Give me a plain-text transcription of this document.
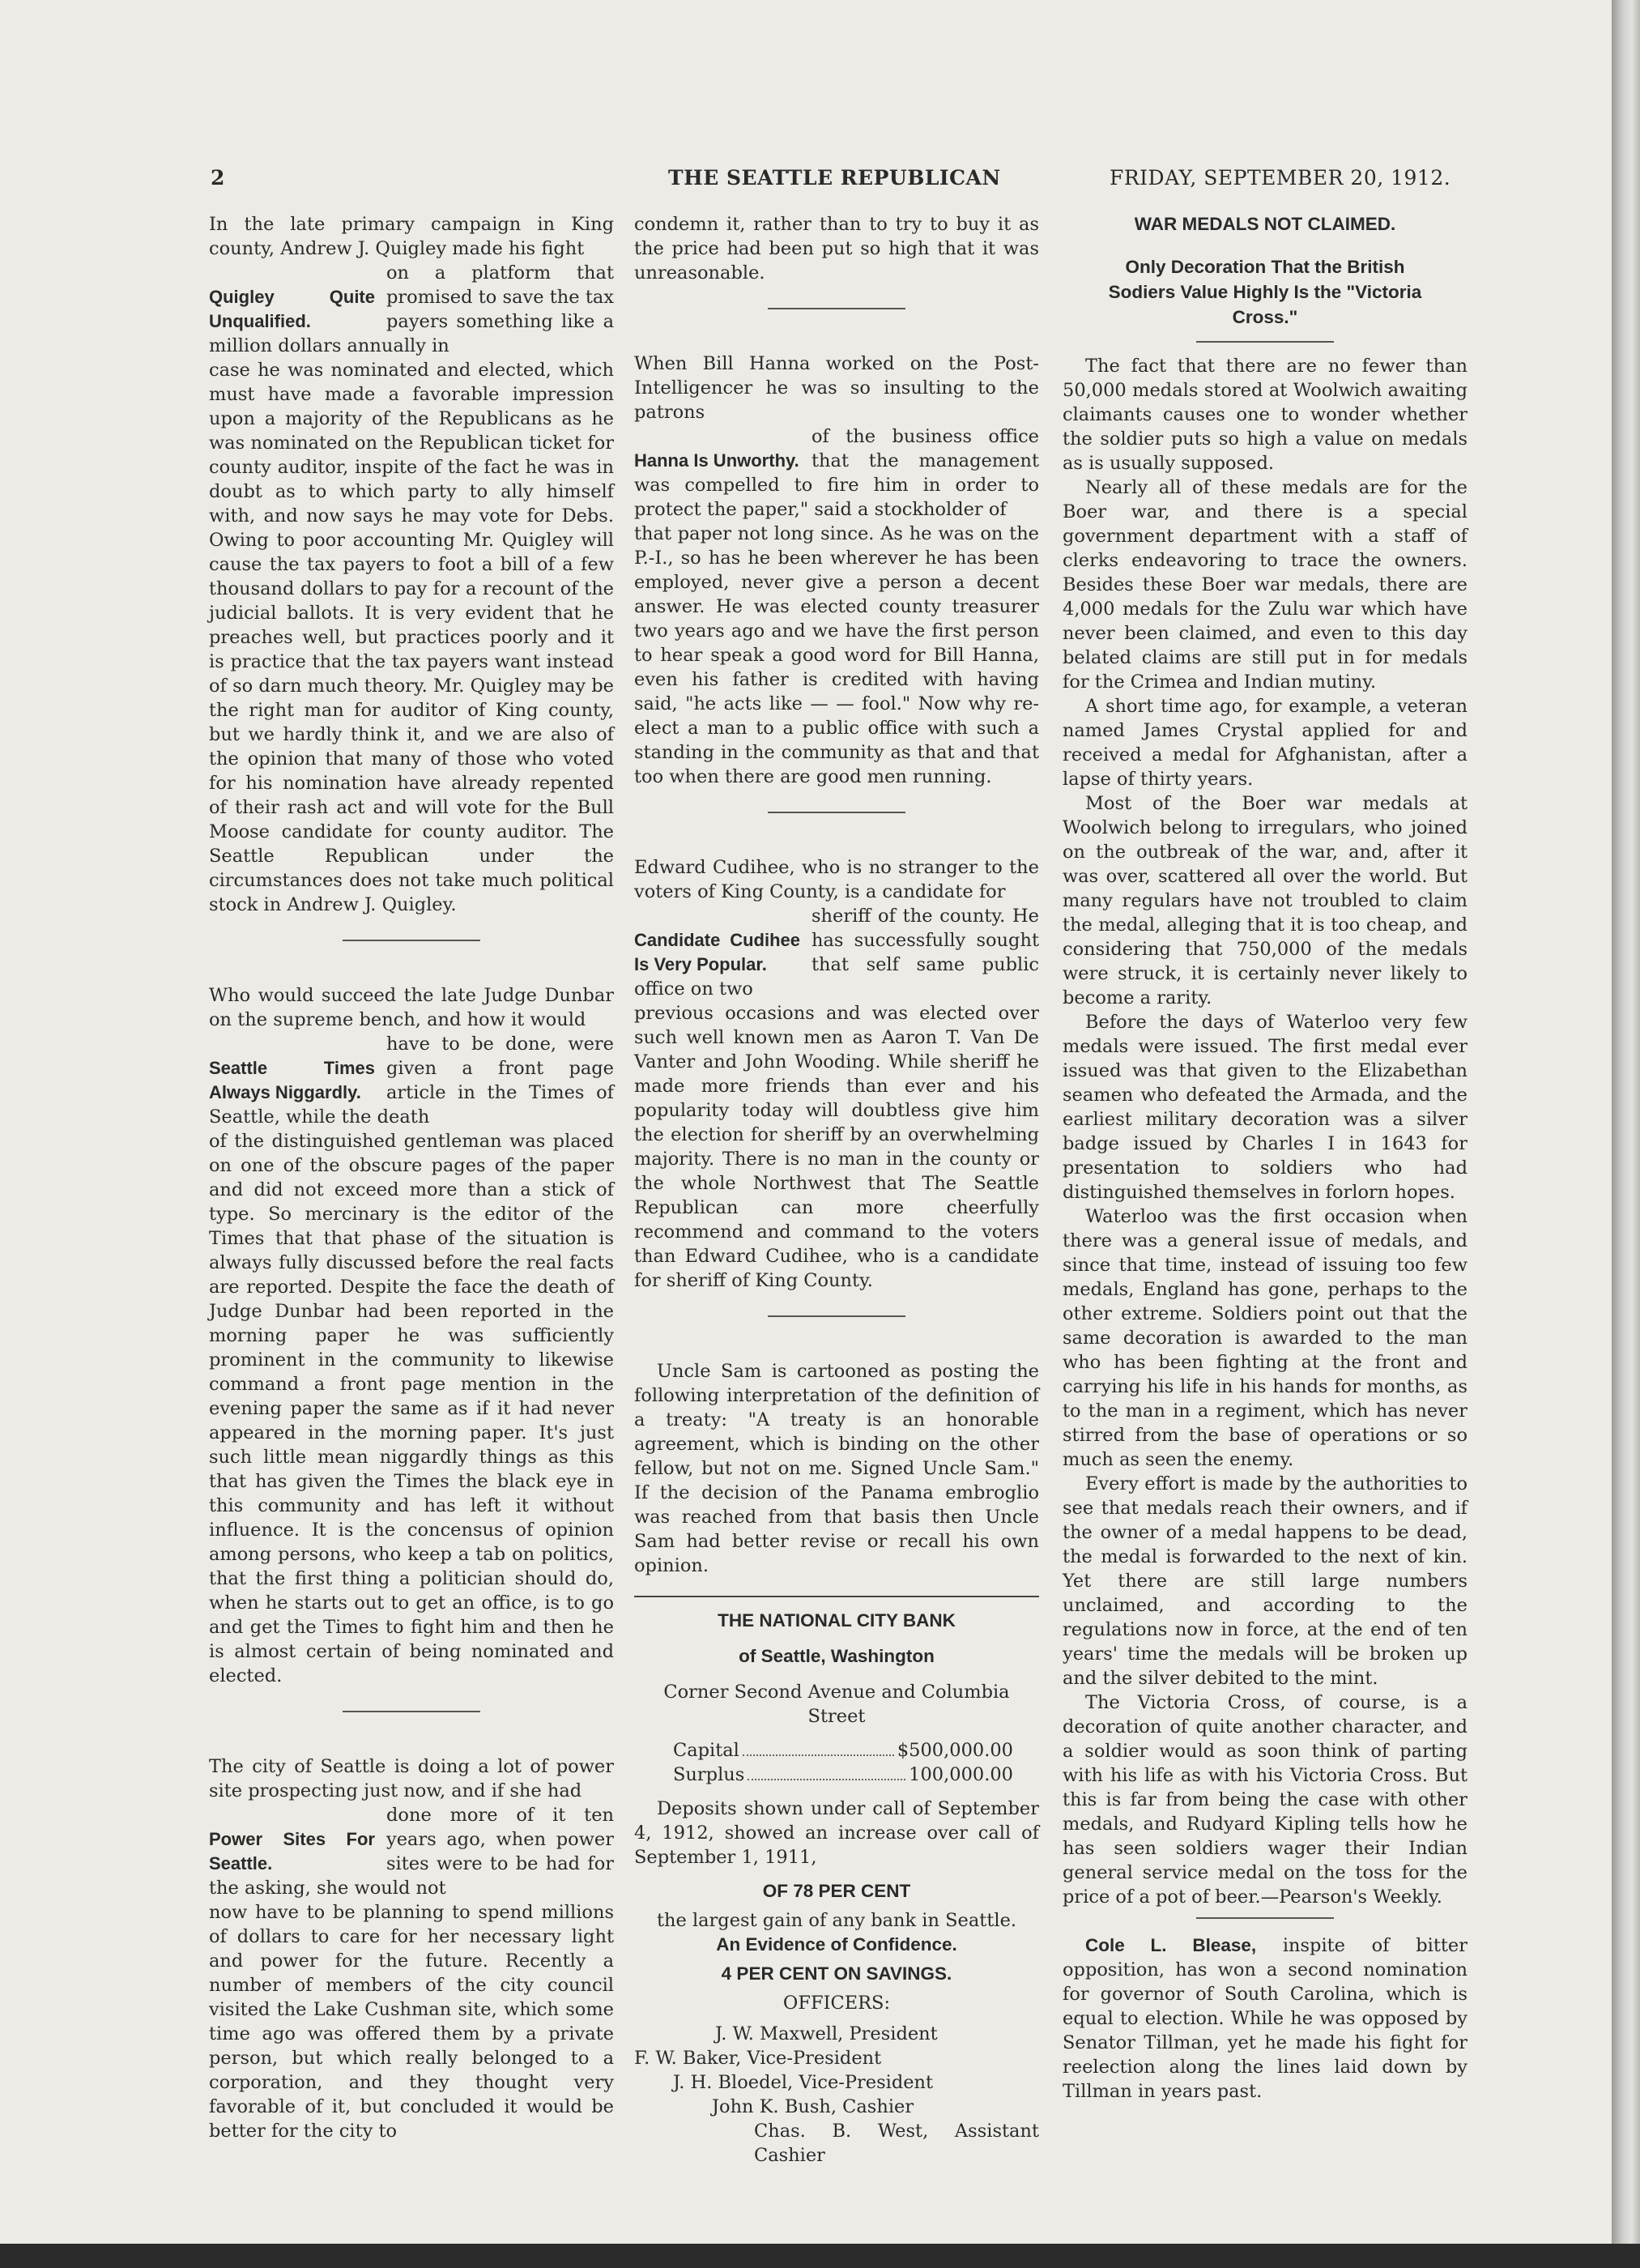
2	THE SEATTLE REPUBLICAN	FRIDAY, SEPTEMBER 20, 1912.

In the late primary campaign in King county, Andrew J. Quigley made his fight

Quigley Quite Unqualified.

on a platform that promised to save the tax payers something like a million dollars annually in

case he was nominated and elected, which must have made a favorable impression upon a majority of the Republicans as he was nominated on the Republican ticket for county auditor, inspite of the fact he was in doubt as to which party to ally himself with, and now says he may vote for Debs. Owing to poor accounting Mr. Quigley will cause the tax payers to foot a bill of a few thousand dollars to pay for a recount of the judicial ballots. It is very evident that he preaches well, but practices poorly and it is practice that the tax payers want instead of so darn much theory. Mr. Quigley may be the right man for auditor of King county, but we hardly think it, and we are also of the opinion that many of those who voted for his nomination have already repented of their rash act and will vote for the Bull Moose candidate for county auditor. The Seattle Republican under the circumstances does not take much political stock in Andrew J. Quigley.

Who would succeed the late Judge Dunbar on the supreme bench, and how it would

Seattle Times Always Niggardly.

have to be done, were given a front page article in the Times of Seattle, while the death

of the distinguished gentleman was placed on one of the obscure pages of the paper and did not exceed more than a stick of type. So mercinary is the editor of the Times that that phase of the situation is always fully discussed before the real facts are reported. Despite the face the death of Judge Dunbar had been reported in the morning paper he was sufficiently prominent in the community to likewise command a front page mention in the evening paper the same as if it had never appeared in the morning paper. It's just such little mean niggardly things as this that has given the Times the black eye in this community and has left it without influence. It is the concensus of opinion among persons, who keep a tab on politics, that the first thing a politician should do, when he starts out to get an office, is to go and get the Times to fight him and then he is almost certain of being nominated and elected.

The city of Seattle is doing a lot of power site prospecting just now, and if she had

Power Sites For Seattle.

done more of it ten years ago, when power sites were to be had for the asking, she would not

now have to be planning to spend millions of dollars to care for her necessary light and power for the future. Recently a number of members of the city council visited the Lake Cushman site, which some time ago was offered them by a private person, but which really belonged to a corporation, and they thought very favorable of it, but concluded it would be better for the city to

condemn it, rather than to try to buy it as the price had been put so high that it was unreasonable.

When Bill Hanna worked on the Post-Intelligencer he was so insulting to the patrons

Hanna Is Unworthy.

of the business office that the management was compelled to fire him in order to protect the paper," said a stockholder of

that paper not long since. As he was on the P.-I., so has he been wherever he has been employed, never give a person a decent answer. He was elected county treasurer two years ago and we have the first person to hear speak a good word for Bill Hanna, even his father is credited with having said, "he acts like — — fool." Now why re-elect a man to a public office with such a standing in the community as that and that too when there are good men running.

Edward Cudihee, who is no stranger to the voters of King County, is a candidate for

Candidate Cudihee Is Very Popular.

sheriff of the county. He has successfully sought that self same public office on two

previous occasions and was elected over such well known men as Aaron T. Van De Vanter and John Wooding. While sheriff he made more friends than ever and his popularity today will doubtless give him the election for sheriff by an overwhelming majority. There is no man in the county or the whole Northwest that The Seattle Republican can more cheerfully recommend and command to the voters than Edward Cudihee, who is a candidate for sheriff of King County.

Uncle Sam is cartooned as posting the following interpretation of the definition of a treaty: "A treaty is an honorable agreement, which is binding on the other fellow, but not on me. Signed Uncle Sam." If the decision of the Panama embroglio was reached from that basis then Uncle Sam had better revise or recall his own opinion.

THE NATIONAL CITY BANK
of Seattle, Washington
Corner Second Avenue and Columbia Street
Capital	$500,000.00
Surplus	100,000.00

Deposits shown under call of September 4, 1912, showed an increase over call of September 1, 1911,

OF 78 PER CENT
the largest gain of any bank in Seattle.
An Evidence of Confidence.
4 PER CENT ON SAVINGS.
OFFICERS:

J. W. Maxwell, President

F. W. Baker, Vice-President

J. H. Bloedel, Vice-President

John K. Bush, Cashier

Chas. B. West, Assistant Cashier

WAR MEDALS NOT CLAIMED.
Only Decoration That the British Sodiers Value Highly Is the "Victoria Cross."

The fact that there are no fewer than 50,000 medals stored at Woolwich awaiting claimants causes one to wonder whether the soldier puts so high a value on medals as is usually supposed.

Nearly all of these medals are for the Boer war, and there is a special government department with a staff of clerks endeavoring to trace the owners. Besides these Boer war medals, there are 4,000 medals for the Zulu war which have never been claimed, and even to this day belated claims are still put in for medals for the Crimea and Indian mutiny.

A short time ago, for example, a veteran named James Crystal applied for and received a medal for Afghanistan, after a lapse of thirty years.

Most of the Boer war medals at Woolwich belong to irregulars, who joined on the outbreak of the war, and, after it was over, scattered all over the world. But many regulars have not troubled to claim the medal, alleging that it is too cheap, and considering that 750,000 of the medals were struck, it is certainly never likely to become a rarity.

Before the days of Waterloo very few medals were issued. The first medal ever issued was that given to the Elizabethan seamen who defeated the Armada, and the earliest military decoration was a silver badge issued by Charles I in 1643 for presentation to soldiers who had distinguished themselves in forlorn hopes.

Waterloo was the first occasion when there was a general issue of medals, and since that time, instead of issuing too few medals, England has gone, perhaps to the other extreme. Soldiers point out that the same decoration is awarded to the man who has been fighting at the front and carrying his life in his hands for months, as to the man in a regiment, which has never stirred from the base of operations or so much as seen the enemy.

Every effort is made by the authorities to see that medals reach their owners, and if the owner of a medal happens to be dead, the medal is forwarded to the next of kin. Yet there are still large numbers unclaimed, and according to the regulations now in force, at the end of ten years' time the medals will be broken up and the silver debited to the mint.

The Victoria Cross, of course, is a decoration of quite another character, and a soldier would as soon think of parting with his life as with his Victoria Cross. But this is far from being the case with other medals, and Rudyard Kipling tells how he has seen soldiers wager their Indian general service medal on the toss for the price of a pot of beer.—Pearson's Weekly.

Cole L. Blease, inspite of bitter opposition, has won a second nomination for governor of South Carolina, which is equal to election. While he was opposed by Senator Tillman, yet he made his fight for reelection along the lines laid down by Tillman in years past.
